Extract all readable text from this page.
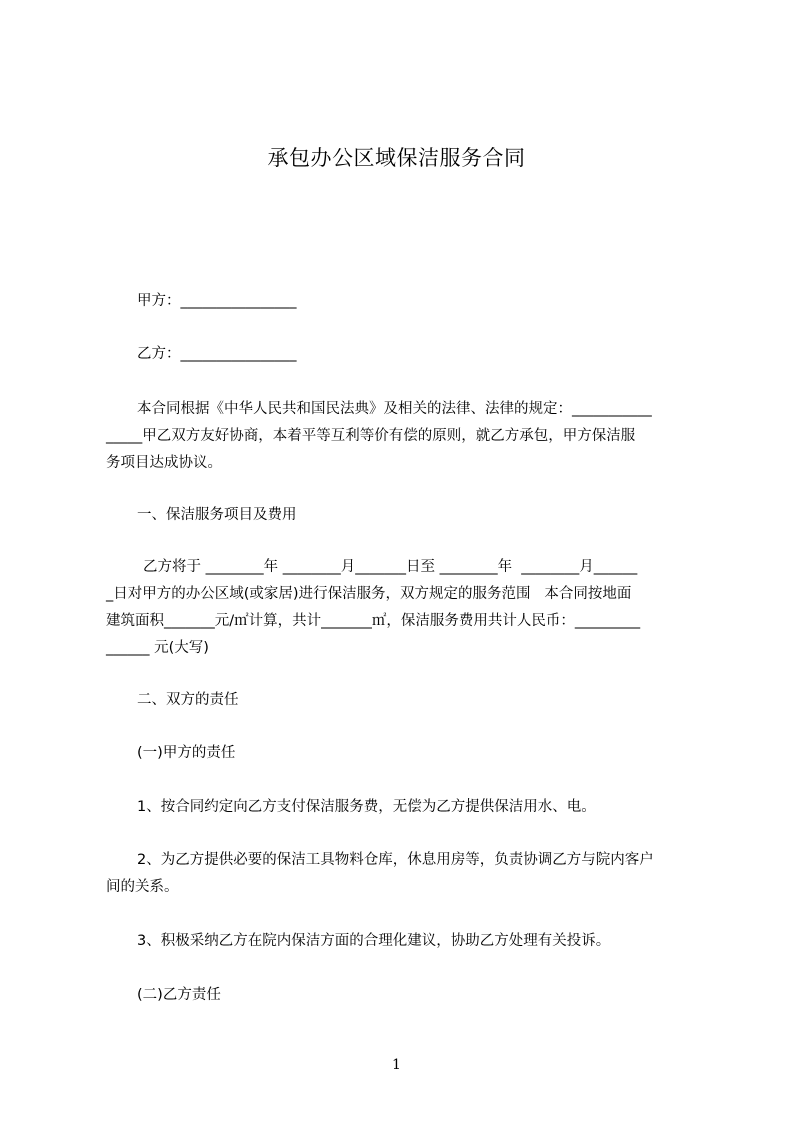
承包办公区域保洁服务合同
甲方：________________
乙方：________________
本合同根据《中华人民共和国民法典》及相关的法律、法律的规定：___________
_____甲乙双方友好协商，本着平等互利等价有偿的原则，就乙方承包，甲方保洁服
务项目达成协议。
一、保洁服务项目及费用
乙方将于 ________年 ________月_______日至 ________年  ________月______
_日对甲方的办公区域(或家居)进行保洁服务，双方规定的服务范围   本合同按地面
建筑面积_______元/㎡计算，共计_______㎡，保洁服务费用共计人民币：_________
______ 元(大写)
二、双方的责任
(一)甲方的责任
1、按合同约定向乙方支付保洁服务费，无偿为乙方提供保洁用水、电。
2、为乙方提供必要的保洁工具物料仓库，休息用房等，负责协调乙方与院内客户
间的关系。
3、积极采纳乙方在院内保洁方面的合理化建议，协助乙方处理有关投诉。
(二)乙方责任
1
